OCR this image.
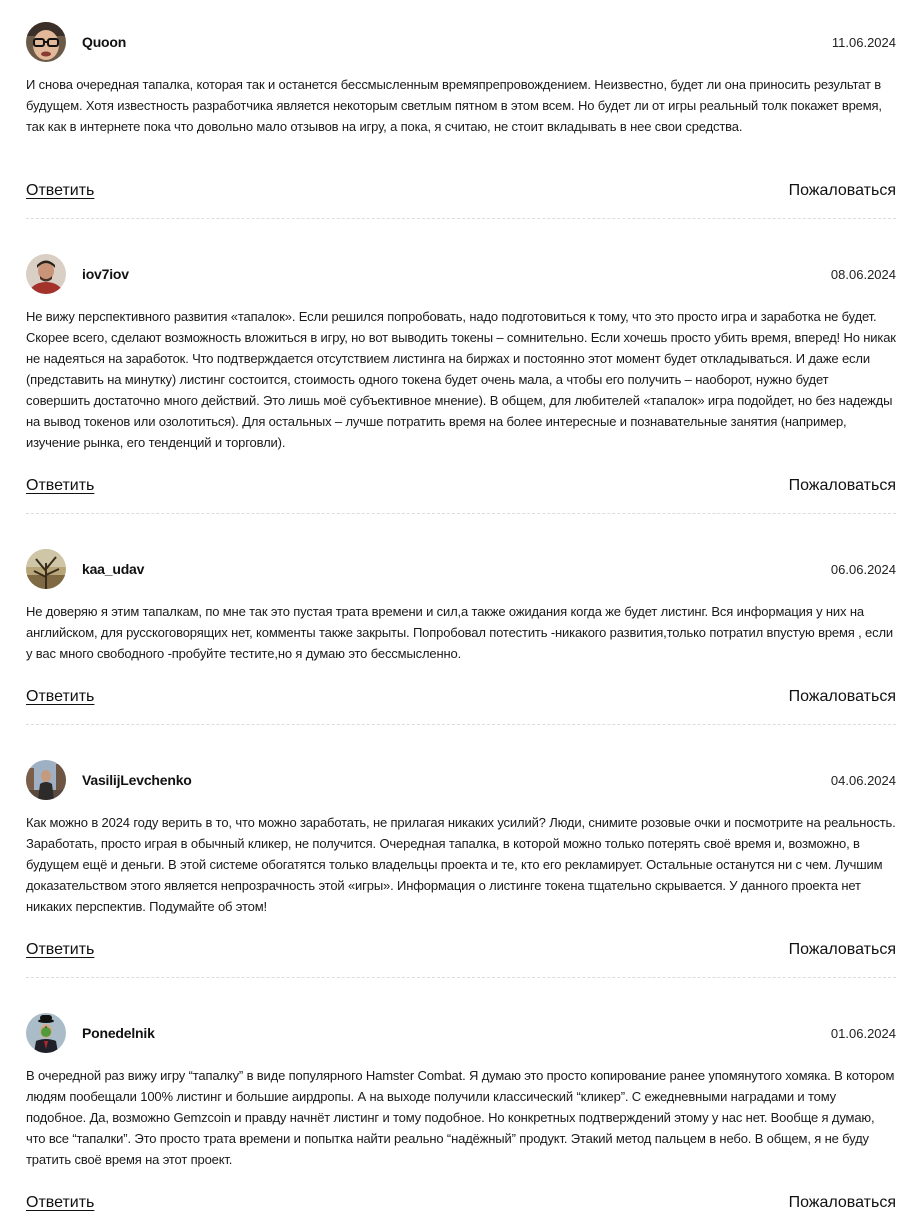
Quoon	11.06.2024
И снова очередная тапалка, которая так и останется бессмысленным времяпрепровождением. Неизвестно, будет ли она приносить результат в будущем. Хотя известность разработчика является некоторым светлым пятном в этом всем. Но будет ли от игры реальный толк покажет время, так как в интернете пока что довольно мало отзывов на игру, а пока, я считаю, не стоит вкладывать в нее свои средства.
Ответить	Пожаловаться
iov7iov	08.06.2024
Не вижу перспективного развития «тапалок». Если решился попробовать, надо подготовиться к тому, что это просто игра и заработка не будет. Скорее всего, сделают возможность вложиться в игру, но вот выводить токены – сомнительно. Если хочешь просто убить время, вперед! Но никак не надеяться на заработок. Что подтверждается отсутствием листинга на биржах и постоянно этот момент будет откладываться. И даже если (представить на минутку) листинг состоится, стоимость одного токена будет очень мала, а чтобы его получить – наоборот, нужно будет совершить достаточно много действий. Это лишь моё субъективное мнение). В общем, для любителей «тапалок» игра подойдет, но без надежды на вывод токенов или озолотиться). Для остальных – лучше потратить время на более интересные и познавательные занятия (например, изучение рынка, его тенденций и торговли).
Ответить	Пожаловаться
kaa_udav	06.06.2024
Не доверяю я этим тапалкам, по мне так это пустая трата времени и сил,а также ожидания когда же будет листинг. Вся информация у них на английском, для русскоговорящих нет, комменты также закрыты. Попробовал потестить -никакого развития,только потратил впустую время , если у вас много свободного -пробуйте теститe,но я думаю это бессмысленно.
Ответить	Пожаловаться
VasilijLevchenko	04.06.2024
Как можно в 2024 году верить в то, что можно заработать, не прилагая никаких усилий? Люди, снимите розовые очки и посмотрите на реальность. Заработать, просто играя в обычный кликер, не получится. Очередная тапалка, в которой можно только потерять своё время и, возможно, в будущем ещё и деньги. В этой системе обогатятся только владельцы проекта и те, кто его рекламирует. Остальные останутся ни с чем. Лучшим доказательством этого является непрозрачность этой «игры». Информация о листинге токена тщательно скрывается. У данного проекта нет никаких перспектив. Подумайте об этом!
Ответить	Пожаловаться
Ponedelnik	01.06.2024
В очередной раз вижу игру “тапалку” в виде популярного Hamster Combat. Я думаю это просто копирование ранее упомянутого хомяка. В котором людям пообещали 100% листинг и большие аирдропы. А на выходе получили классический “кликер”. С ежедневными наградами и тому подобное. Да, возможно Gemzcoin и правду начнёт листинг и тому подобное. Но конкретных подтверждений этому у нас нет. Вообще я думаю, что все “тапалки”. Это просто трата времени и попытка найти реально “надёжный” продукт. Этакий метод пальцем в небо. В общем, я не буду тратить своё время на этот проект.
Ответить	Пожаловаться
